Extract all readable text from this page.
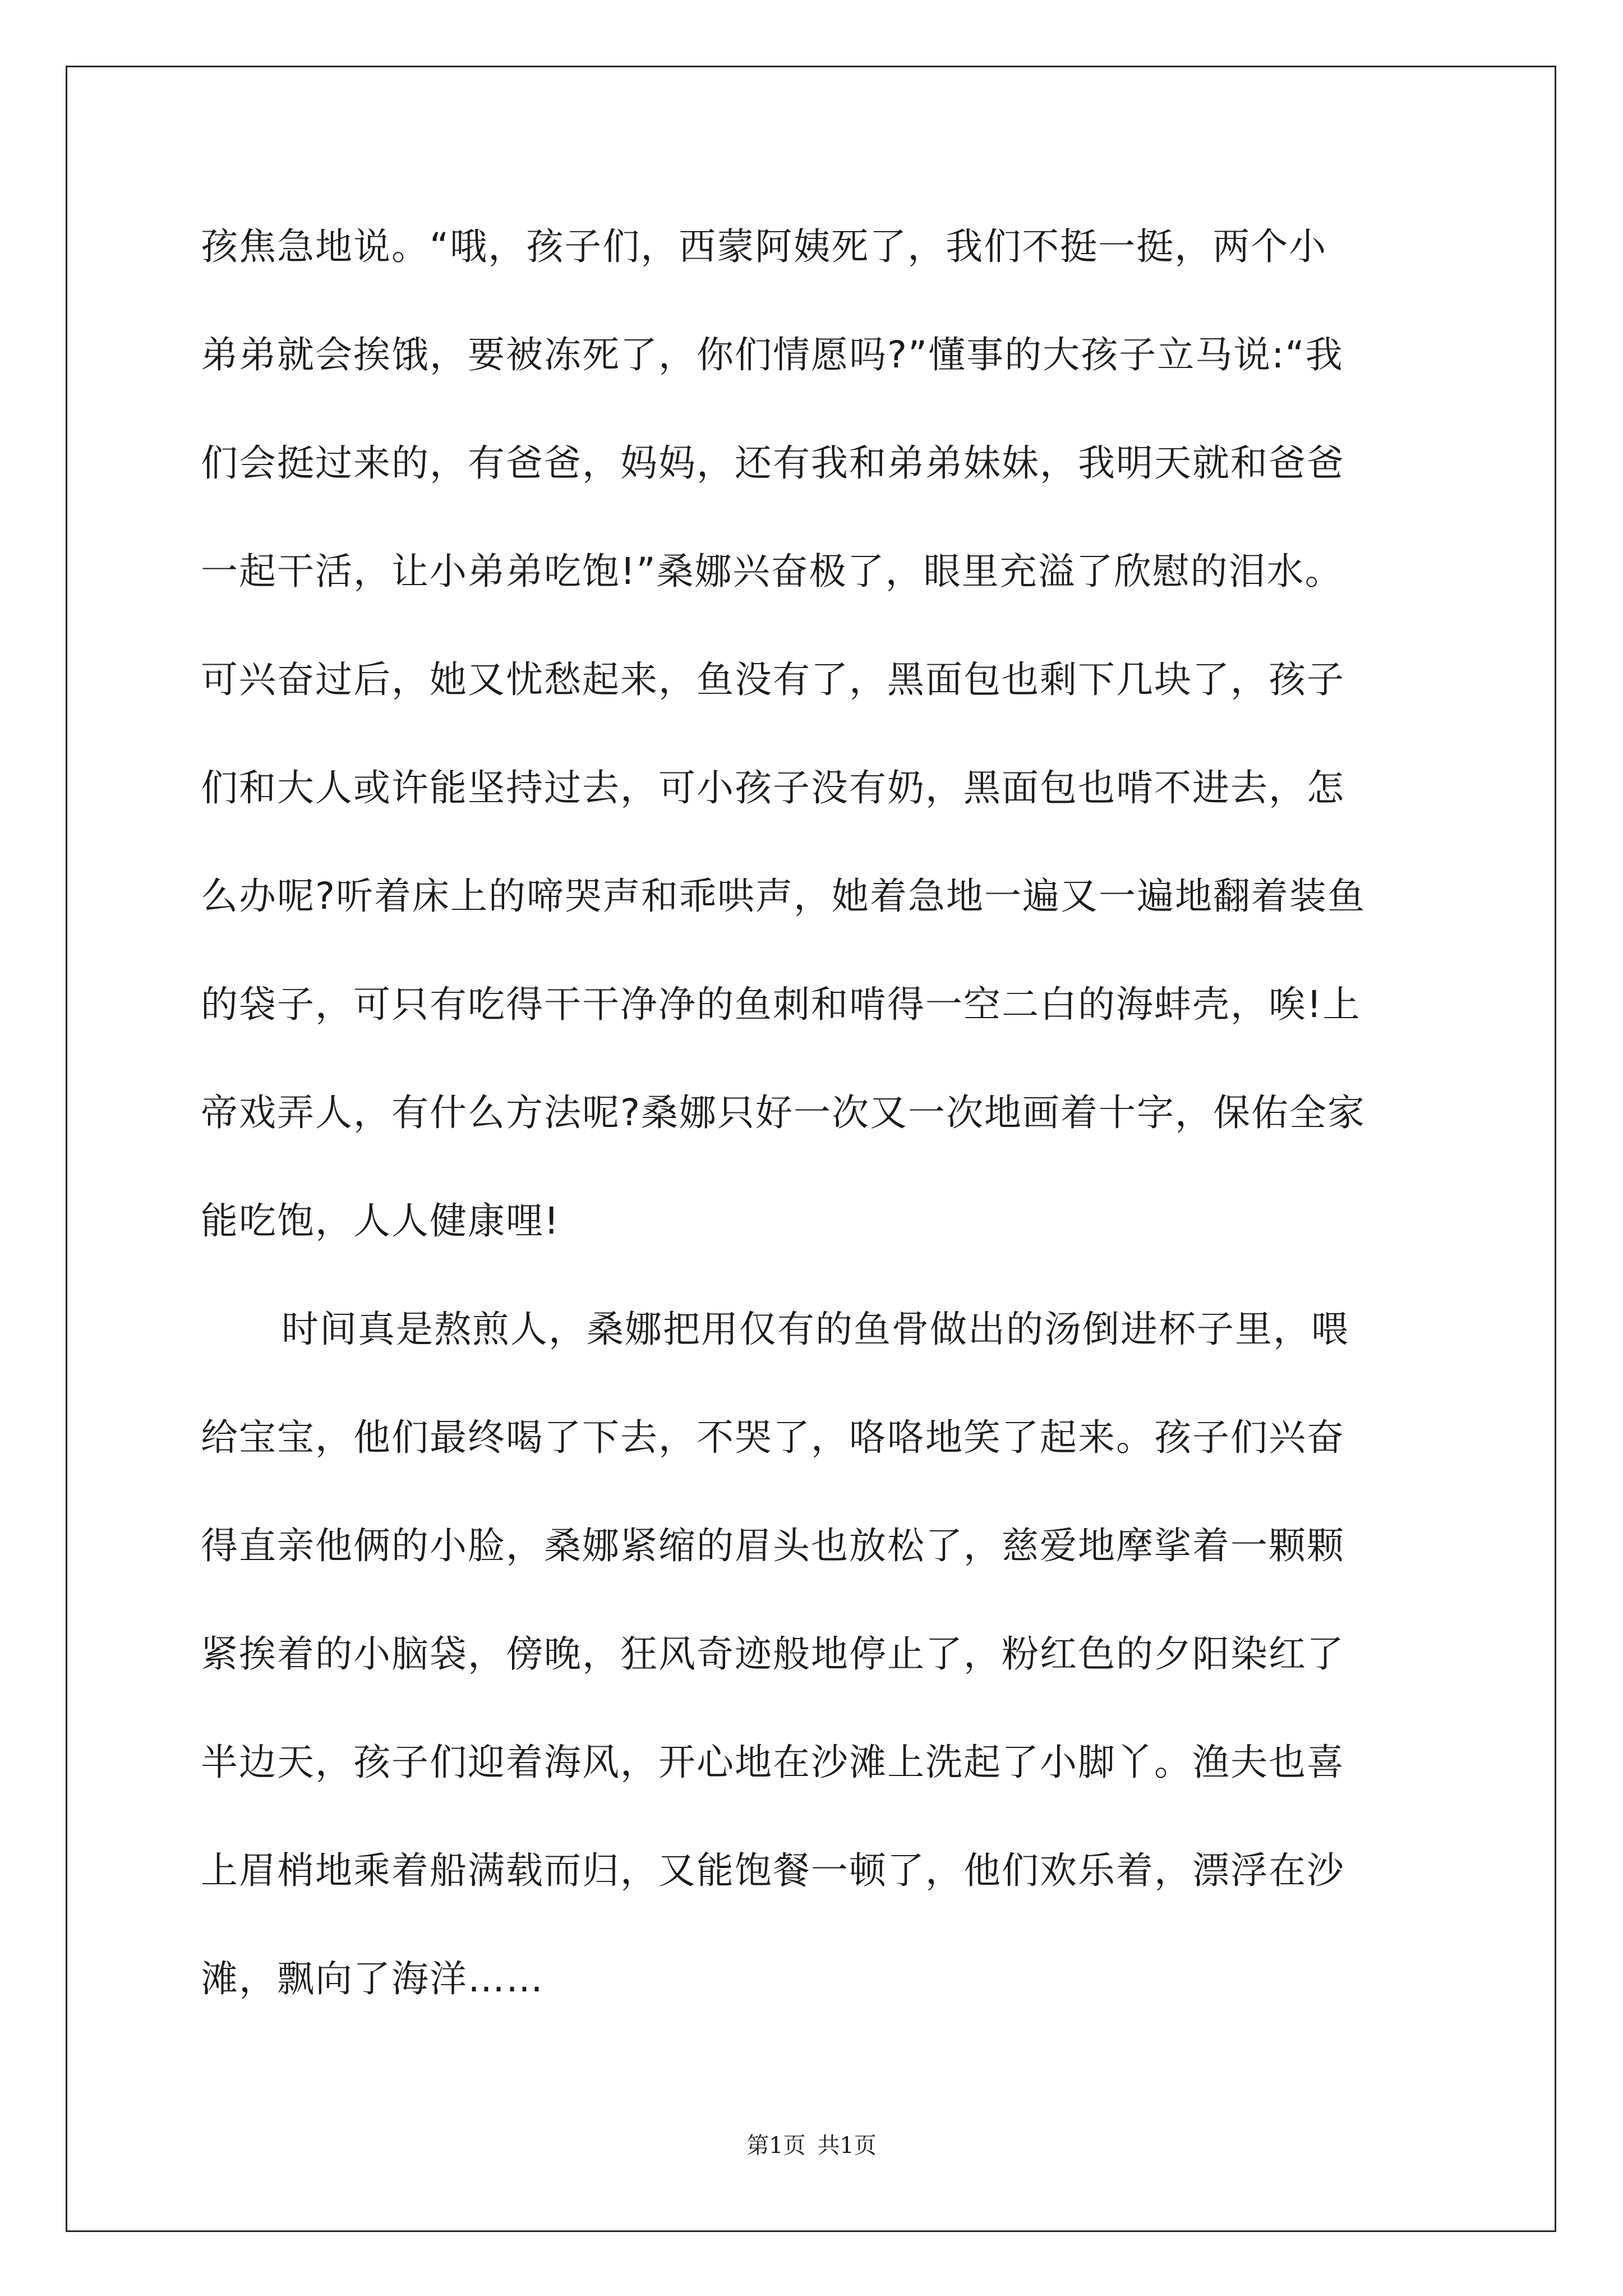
孩焦急地说。“哦，孩子们，西蒙阿姨死了，我们不挺一挺，两个小
弟弟就会挨饿，要被冻死了，你们情愿吗?”懂事的大孩子立马说:“我
们会挺过来的，有爸爸，妈妈，还有我和弟弟妹妹，我明天就和爸爸
一起干活，让小弟弟吃饱!”桑娜兴奋极了，眼里充溢了欣慰的泪水。
可兴奋过后，她又忧愁起来，鱼没有了，黑面包也剩下几块了，孩子
们和大人或许能坚持过去，可小孩子没有奶，黑面包也啃不进去，怎
么办呢?听着床上的啼哭声和乖哄声，她着急地一遍又一遍地翻着装鱼
的袋子，可只有吃得干干净净的鱼刺和啃得一空二白的海蚌壳，唉!上
帝戏弄人，有什么方法呢?桑娜只好一次又一次地画着十字，保佑全家
能吃饱，人人健康哩!
时间真是熬煎人，桑娜把用仅有的鱼骨做出的汤倒进杯子里，喂
给宝宝，他们最终喝了下去，不哭了，咯咯地笑了起来。孩子们兴奋
得直亲他俩的小脸，桑娜紧缩的眉头也放松了，慈爱地摩挲着一颗颗
紧挨着的小脑袋，傍晚，狂风奇迹般地停止了，粉红色的夕阳染红了
半边天，孩子们迎着海风，开心地在沙滩上洗起了小脚丫。渔夫也喜
上眉梢地乘着船满载而归，又能饱餐一顿了，他们欢乐着，漂浮在沙
滩，飘向了海洋……
第1页 共1页
